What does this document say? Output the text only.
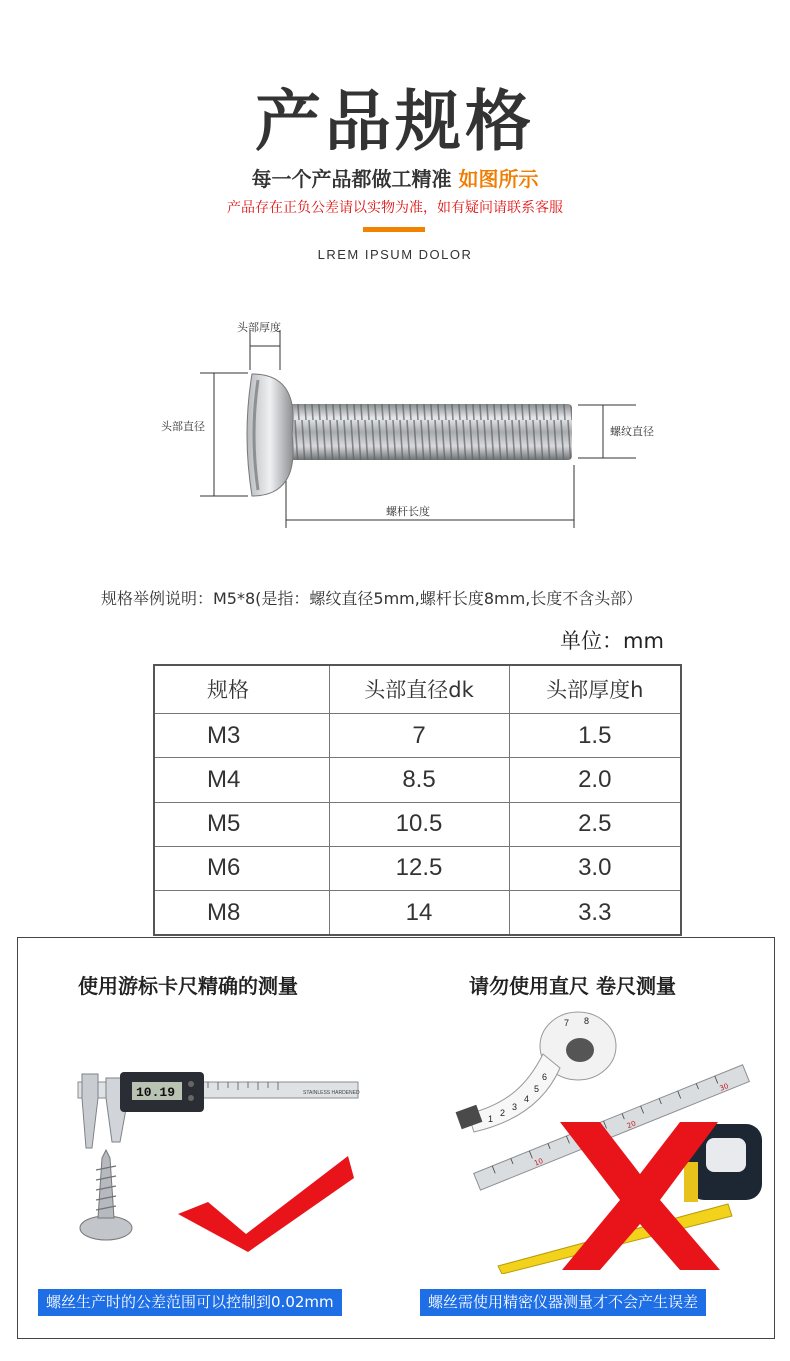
产品规格
每一个产品都做工精准 如图所示
产品存在正负公差请以实物为准，如有疑问请联系客服
LREM IPSUM DOLOR
头部厚度
头部直径	螺纹直径
螺杆长度
规格举例说明：M5*8(是指：螺纹直径5mm,螺杆长度8mm,长度不含头部）
单位：mm
规格	头部直径dk	头部厚度h
M3	7	1.5
M4	8.5	2.0
M5	10.5	2.5
M6	12.5	3.0
M8	14	3.3
使用游标卡尺精确的测量	请勿使用直尺 卷尺测量
STAINLESS HARDENED
10.19
10
20
30
1
2
3
4
5
6
7 8
螺丝生产时的公差范围可以控制到0.02mm	螺丝需使用精密仪器测量才不会产生误差
